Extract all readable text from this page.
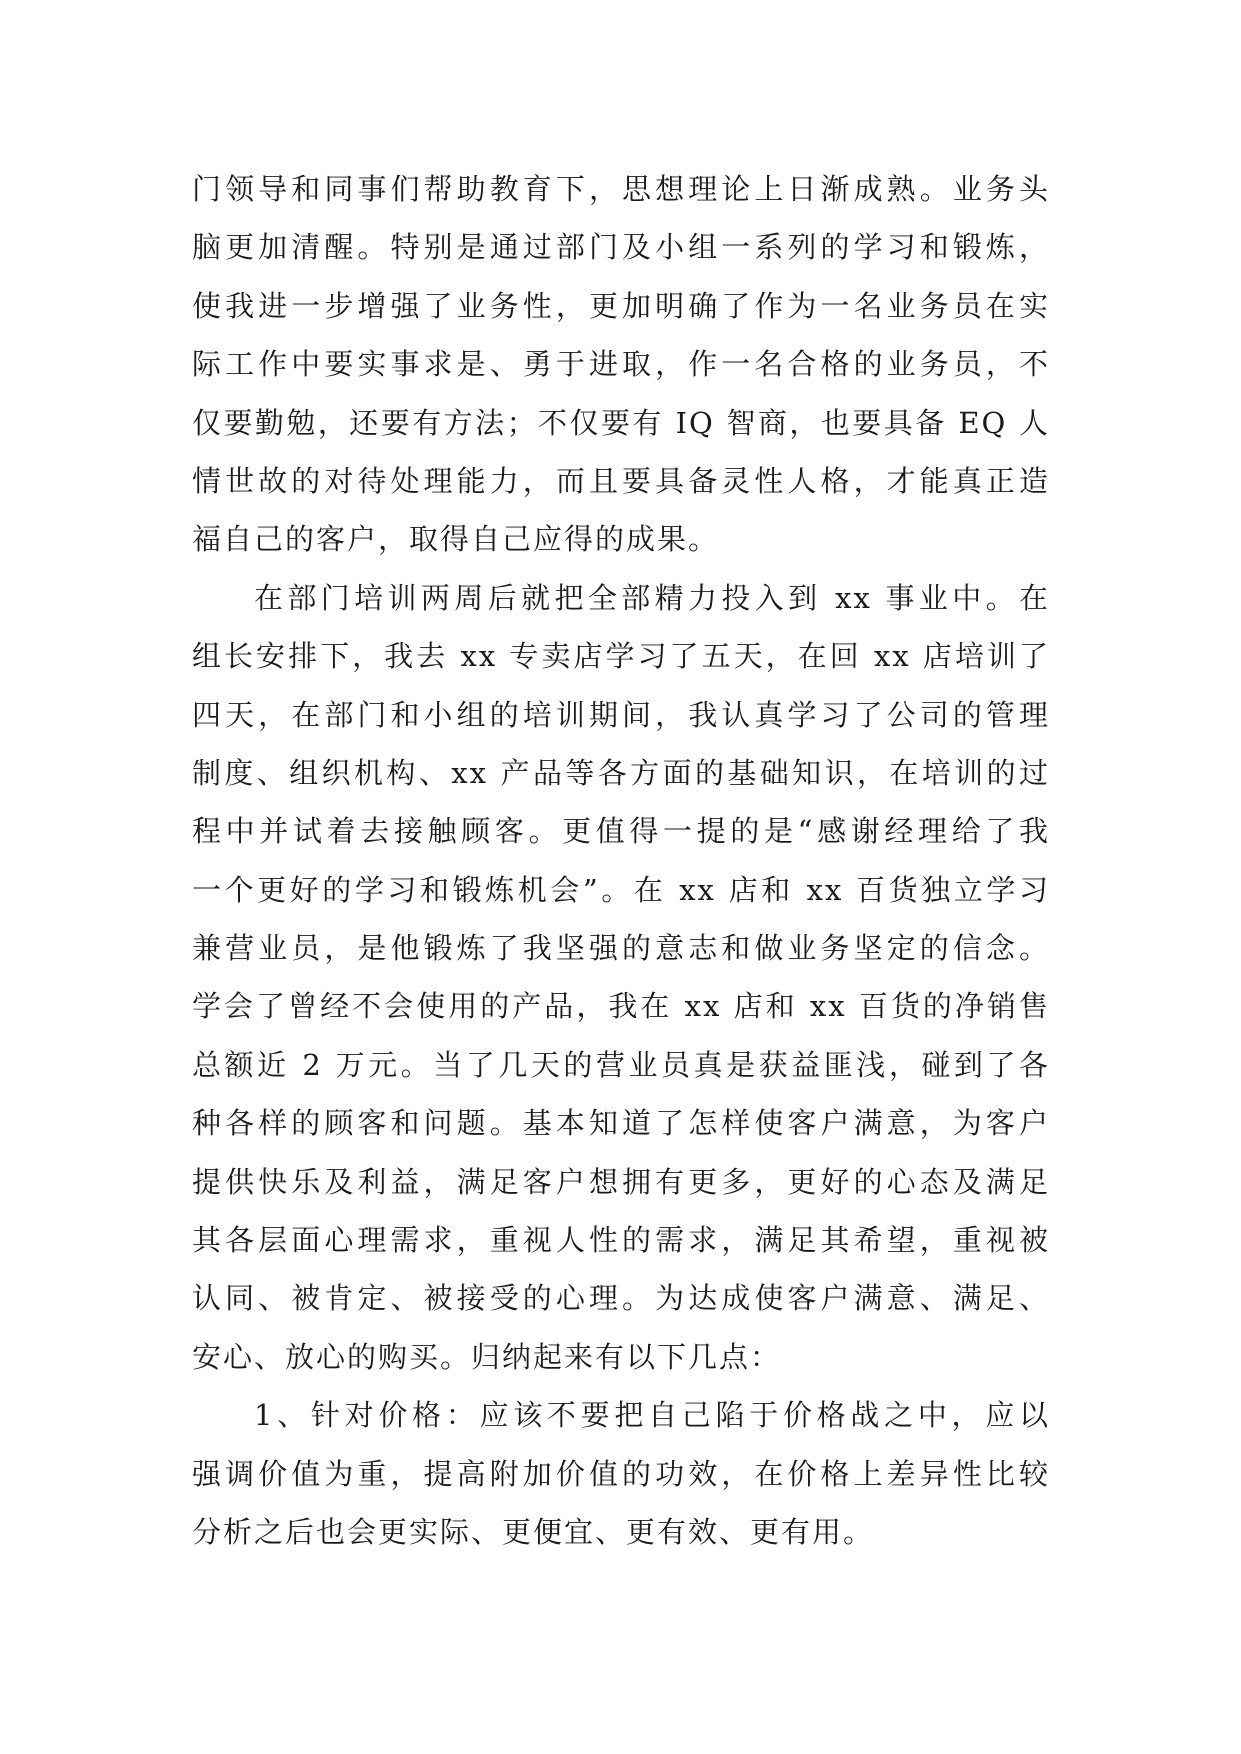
门领导和同事们帮助教育下，思想理论上日渐成熟。业务头
脑更加清醒。特别是通过部门及小组一系列的学习和锻炼，
使我进一步增强了业务性，更加明确了作为一名业务员在实
际工作中要实事求是、勇于进取，作一名合格的业务员，不
仅要勤勉，还要有方法；不仅要有 IQ 智商，也要具备 EQ 人
情世故的对待处理能力，而且要具备灵性人格，才能真正造
福自己的客户，取得自己应得的成果。
在部门培训两周后就把全部精力投入到 xx 事业中。在
组长安排下，我去 xx 专卖店学习了五天，在回 xx 店培训了
四天，在部门和小组的培训期间，我认真学习了公司的管理
制度、组织机构、xx 产品等各方面的基础知识，在培训的过
程中并试着去接触顾客。更值得一提的是“感谢经理给了我
一个更好的学习和锻炼机会”。在 xx 店和 xx 百货独立学习
兼营业员，是他锻炼了我坚强的意志和做业务坚定的信念。
学会了曾经不会使用的产品，我在 xx 店和 xx 百货的净销售
总额近 2 万元。当了几天的营业员真是获益匪浅，碰到了各
种各样的顾客和问题。基本知道了怎样使客户满意，为客户
提供快乐及利益，满足客户想拥有更多，更好的心态及满足
其各层面心理需求，重视人性的需求，满足其希望，重视被
认同、被肯定、被接受的心理。为达成使客户满意、满足、
安心、放心的购买。归纳起来有以下几点：
1、针对价格：应该不要把自己陷于价格战之中，应以
强调价值为重，提高附加价值的功效，在价格上差异性比较
分析之后也会更实际、更便宜、更有效、更有用。
